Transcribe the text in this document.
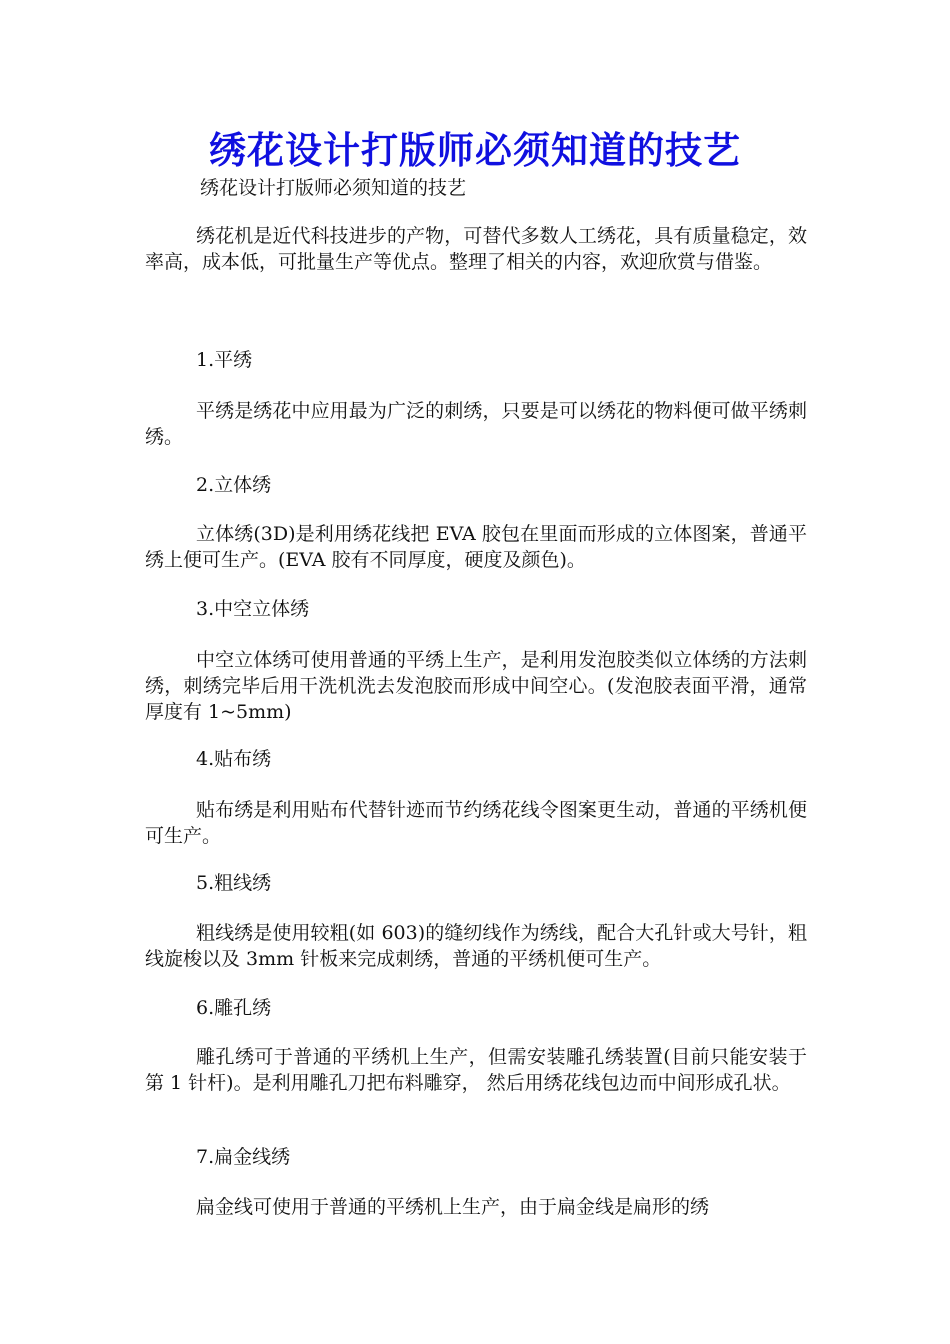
绣花设计打版师必须知道的技艺
绣花设计打版师必须知道的技艺
绣花机是近代科技进步的产物，可替代多数人工绣花，具有质量稳定，效率高，成本低，可批量生产等优点。整理了相关的内容，欢迎欣赏与借鉴。
1.平绣
平绣是绣花中应用最为广泛的刺绣，只要是可以绣花的物料便可做平绣刺绣。
2.立体绣
立体绣(3D)是利用绣花线把 EVA 胶包在里面而形成的立体图案，普通平绣上便可生产。(EVA 胶有不同厚度，硬度及颜色)。
3.中空立体绣
中空立体绣可使用普通的平绣上生产，是利用发泡胶类似立体绣的方法刺绣，刺绣完毕后用干洗机洗去发泡胶而形成中间空心。(发泡胶表面平滑，通常厚度有 1~5mm)
4.贴布绣
贴布绣是利用贴布代替针迹而节约绣花线令图案更生动，普通的平绣机便可生产。
5.粗线绣
粗线绣是使用较粗(如 603)的缝纫线作为绣线，配合大孔针或大号针，粗线旋梭以及 3mm 针板来完成刺绣，普通的平绣机便可生产。
6.雕孔绣
雕孔绣可于普通的平绣机上生产，但需安装雕孔绣装置(目前只能安装于第 1 针杆)。是利用雕孔刀把布料雕穿， 然后用绣花线包边而中间形成孔状。
7.扁金线绣
扁金线可使用于普通的平绣机上生产，由于扁金线是扁形的绣
